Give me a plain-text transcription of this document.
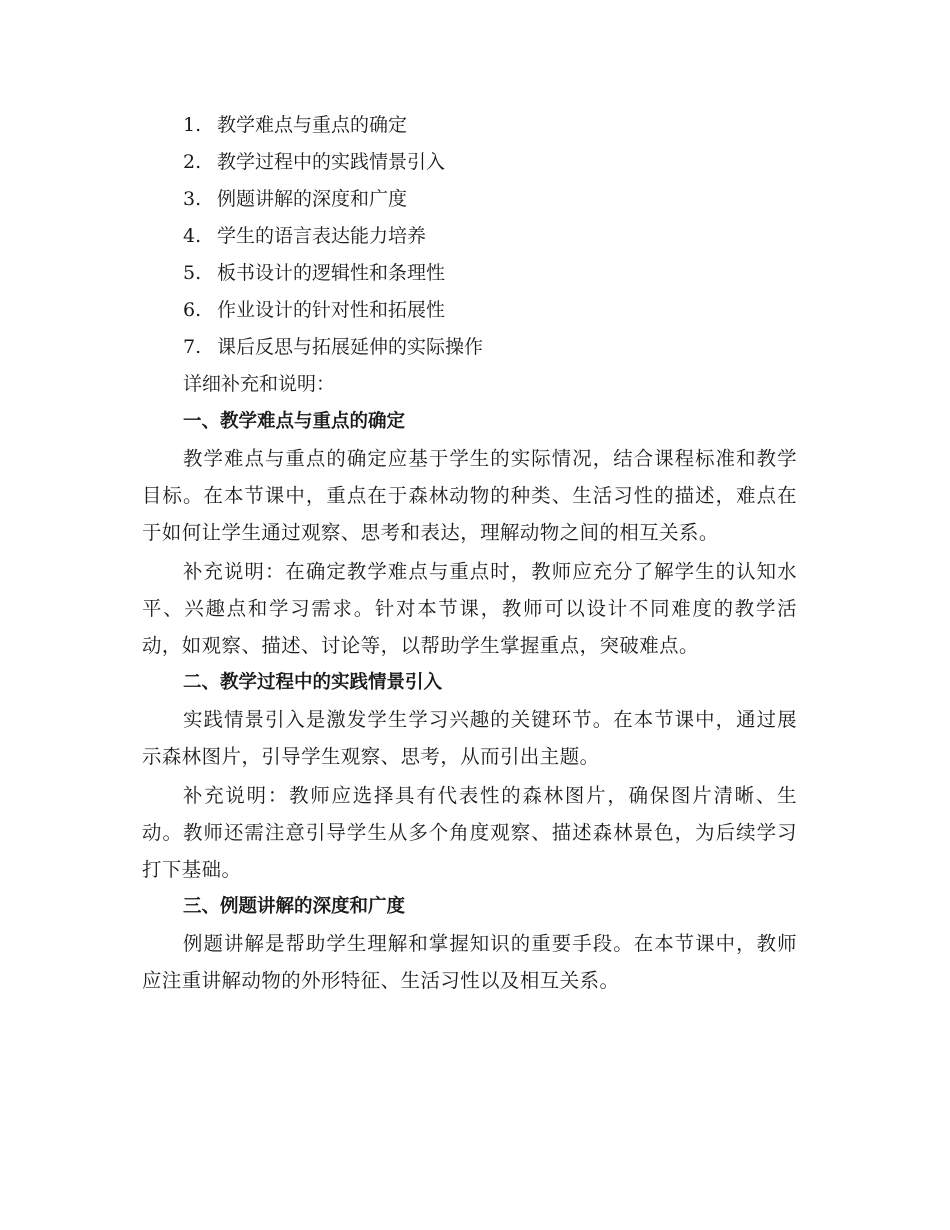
1. 教学难点与重点的确定
2. 教学过程中的实践情景引入
3. 例题讲解的深度和广度
4. 学生的语言表达能力培养
5. 板书设计的逻辑性和条理性
6. 作业设计的针对性和拓展性
7. 课后反思与拓展延伸的实际操作
详细补充和说明：
一、教学难点与重点的确定

教学难点与重点的确定应基于学生的实际情况，结合课程标准和教学目标。在本节课中，重点在于森林动物的种类、生活习性的描述，难点在于如何让学生通过观察、思考和表达，理解动物之间的相互关系。

补充说明：在确定教学难点与重点时，教师应充分了解学生的认知水平、兴趣点和学习需求。针对本节课，教师可以设计不同难度的教学活动，如观察、描述、讨论等，以帮助学生掌握重点，突破难点。

二、教学过程中的实践情景引入

实践情景引入是激发学生学习兴趣的关键环节。在本节课中，通过展示森林图片，引导学生观察、思考，从而引出主题。

补充说明：教师应选择具有代表性的森林图片，确保图片清晰、生动。教师还需注意引导学生从多个角度观察、描述森林景色，为后续学习打下基础。

三、例题讲解的深度和广度

例题讲解是帮助学生理解和掌握知识的重要手段。在本节课中，教师应注重讲解动物的外形特征、生活习性以及相互关系。
